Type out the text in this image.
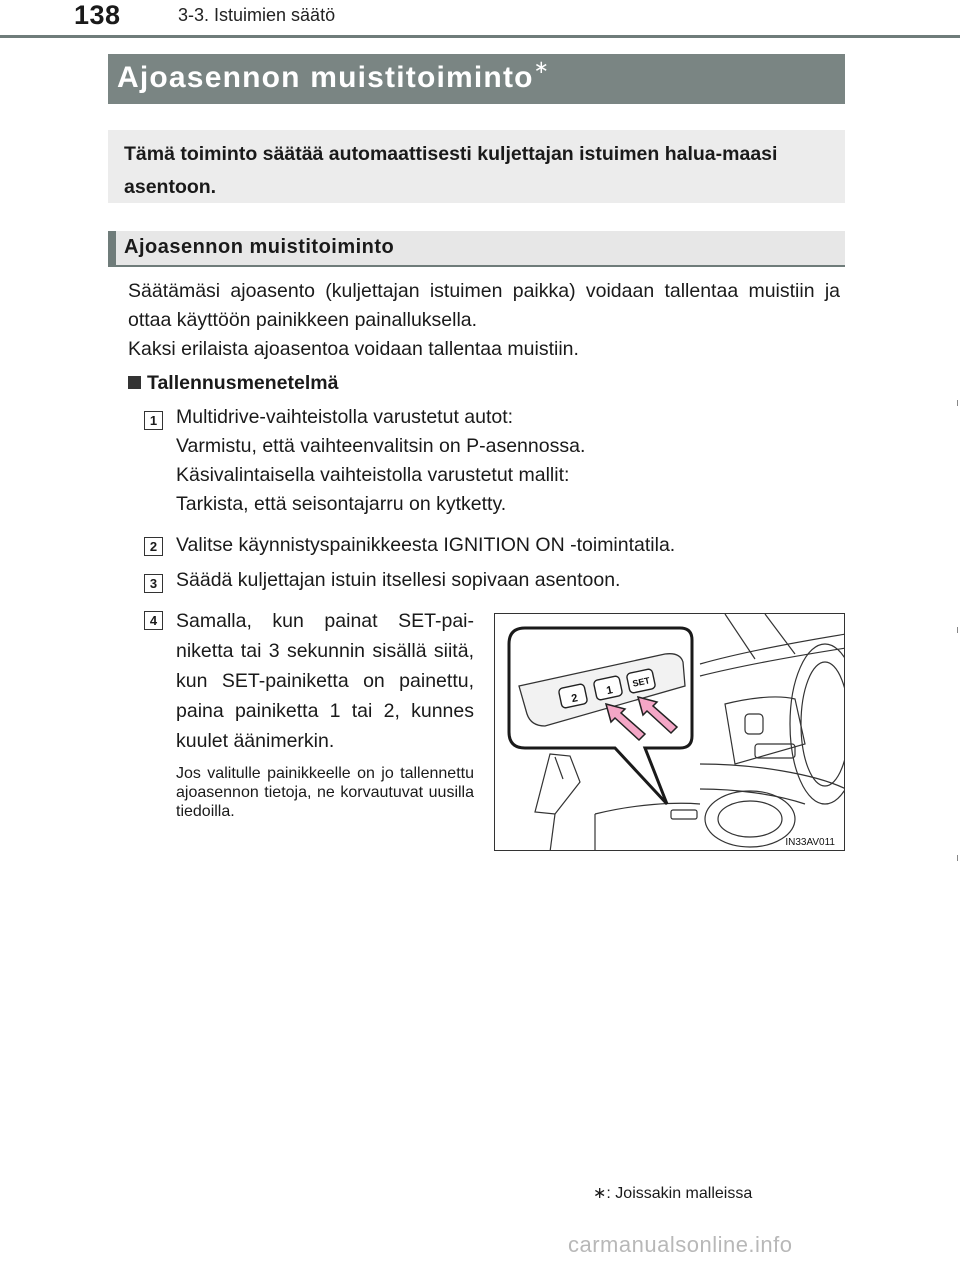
138	3-3. Istuimien säätö
Ajoasennon muistitoiminto∗
Tämä toiminto säätää automaattisesti kuljettajan istuimen halua-maasi asentoon.
Ajoasennon muistitoiminto

Säätämäsi ajoasento (kuljettajan istuimen paikka) voidaan tallentaa muistiin ja ottaa käyttöön painikkeen painalluksella.

Kaksi erilaista ajoasentoa voidaan tallentaa muistiin.

Tallennusmenetelmä
1 Multidrive-vaihteistolla varustetut autot:
Varmistu, että vaihteenvalitsin on P-asennossa.
Käsivalintaisella vaihteistolla varustetut mallit:
Tarkista, että seisontajarru on kytketty.
2 Valitse käynnistyspainikkeesta IGNITION ON -toimintatila.
3 Säädä kuljettajan istuin itsellesi sopivaan asentoon.
4 Samalla, kun painat SET-pai-niketta tai 3 sekunnin sisällä siitä, kun SET-painiketta on painettu, paina painiketta 1 tai 2, kunnes kuulet äänimerkin.
Jos valitulle painikkeelle on jo tallennettu ajoasennon tietoja, ne korvautuvat uusilla tiedoilla.
2
1
SET
IN33AV011
∗: Joissakin malleissa
carmanualsonline.info
